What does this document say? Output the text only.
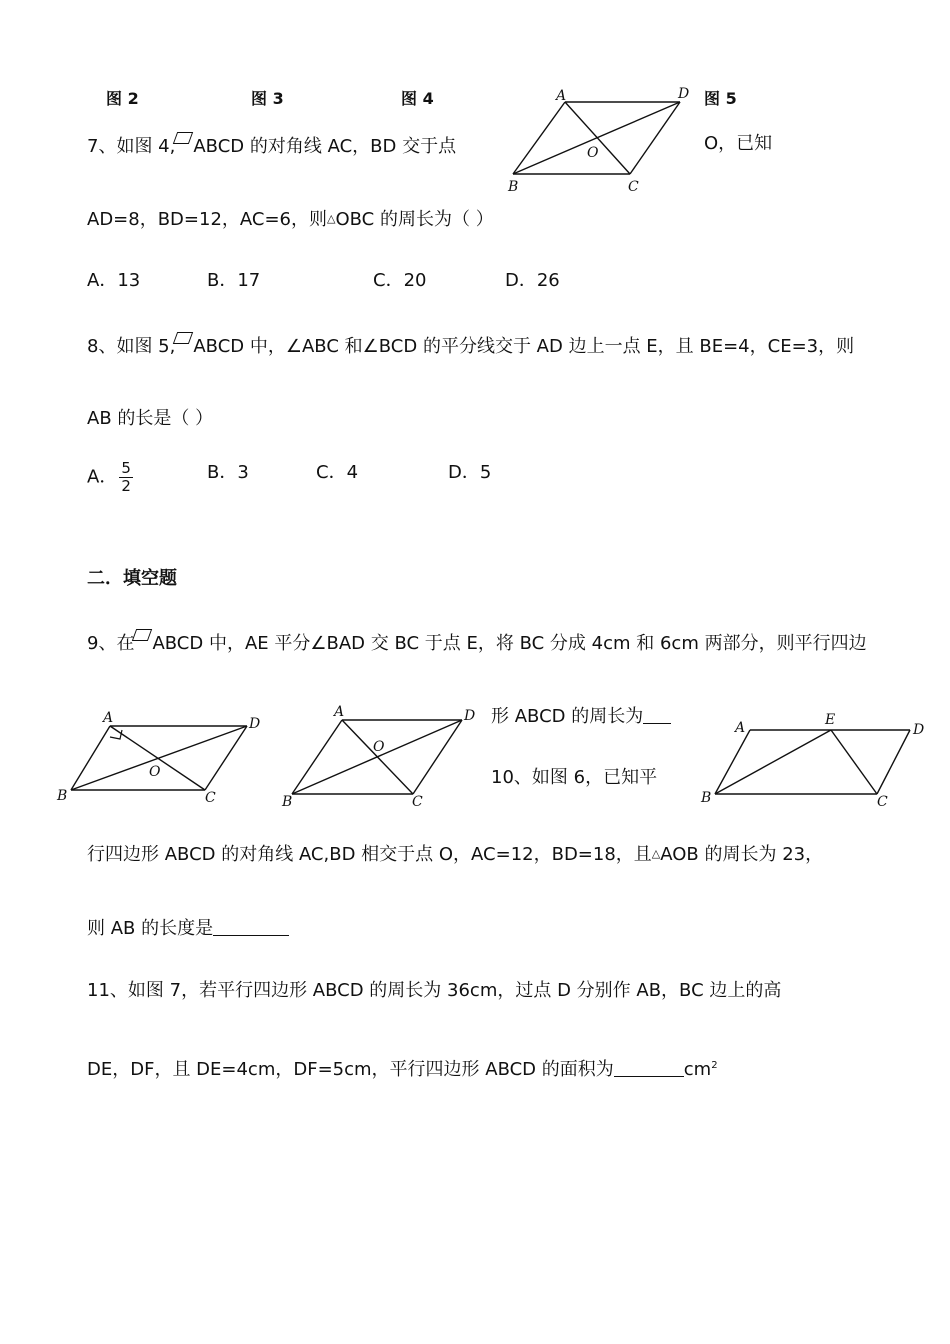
图 2	图 3	图 4	图 5
A	D
O
B	C
7、如图 4, ABCD 的对角线 AC，BD 交于点	O，已知
AD=8，BD=12，AC=6，则△OBC 的周长为（ ）
A．13	B．17	C．20	D．26
8、如图 5, ABCD 中，∠ABC 和∠BCD 的平分线交于 AD 边上一点 E，且 BE=4，CE=3，则
AB 的长是（ ）
A． $\frac{5}{2}$	B．3	C．4	D．5
二．填空题
9、在 ABCD 中，AE 平分∠BAD 交 BC 于点 E，将 BC 分成 4cm 和 6cm 两部分，则平行四边
A	D
O
B	C
A	D
O
B	C
形 ABCD 的周长为
10、如图 6，已知平
A	E
D
B	C
行四边形 ABCD 的对角线 AC,BD 相交于点 O，AC=12，BD=18，且△AOB 的周长为 23，
则 AB 的长度是
11、如图 7，若平行四边形 ABCD 的周长为 36cm，过点 D 分别作 AB，BC 边上的高
DE，DF，且 DE=4cm，DF=5cm，平行四边形 ABCD 的面积为	$cm^2$
